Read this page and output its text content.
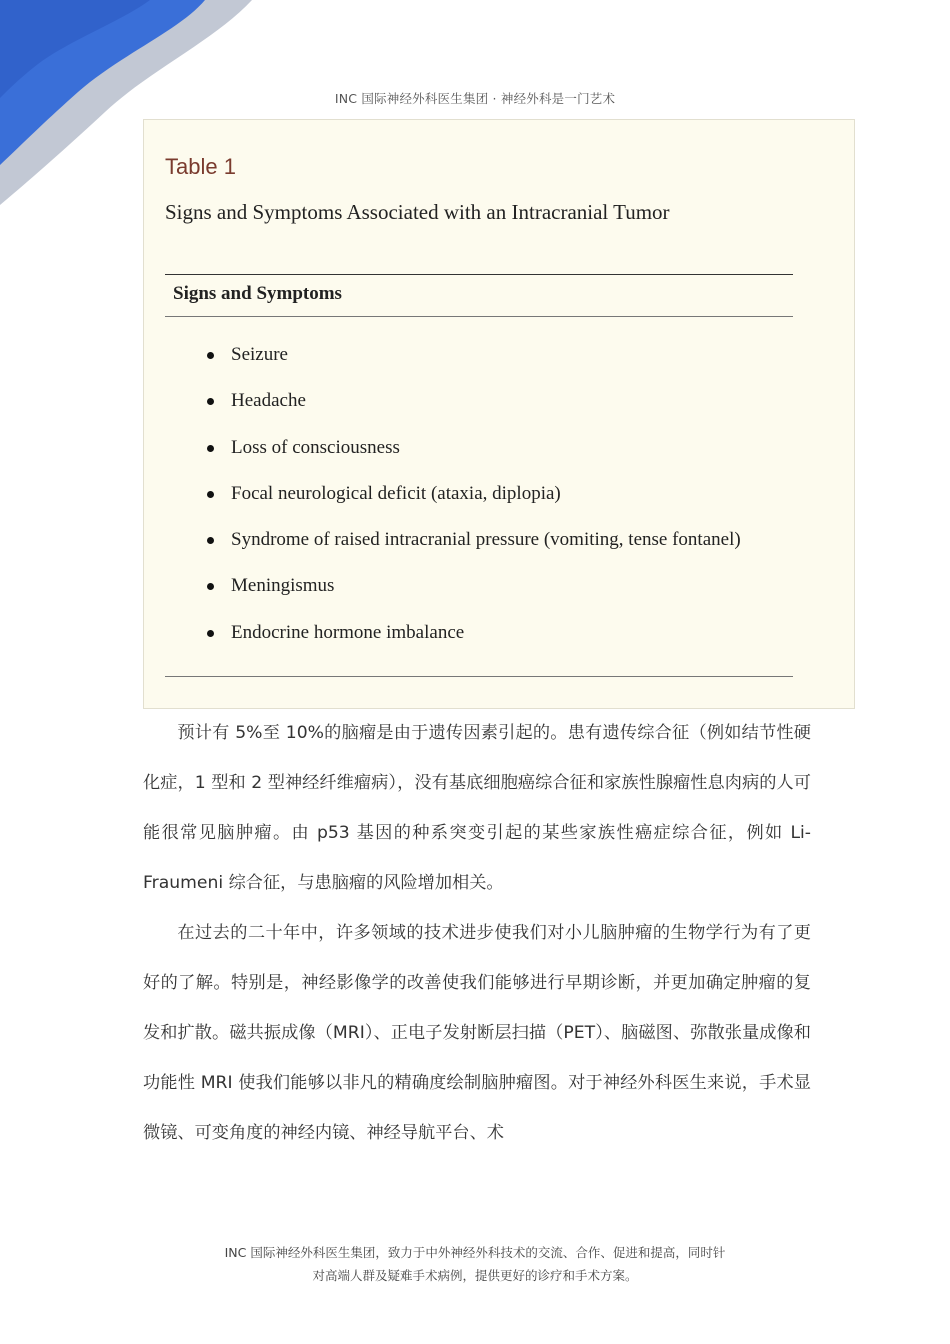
INC 国际神经外科医生集团 · 神经外科是一门艺术
Table 1
Signs and Symptoms Associated with an Intracranial Tumor
Signs and Symptoms
Seizure
Headache
Loss of consciousness
Focal neurological deficit (ataxia, diplopia)
Syndrome of raised intracranial pressure (vomiting, tense fontanel)
Meningismus
Endocrine hormone imbalance

预计有 5%至 10%的脑瘤是由于遗传因素引起的。患有遗传综合征（例如结节性硬化症，1 型和 2 型神经纤维瘤病），没有基底细胞癌综合征和家族性腺瘤性息肉病的人可能很常见脑肿瘤。由 p53 基因的种系突变引起的某些家族性癌症综合征，例如 Li-Fraumeni 综合征，与患脑瘤的风险增加相关。

在过去的二十年中，许多领域的技术进步使我们对小儿脑肿瘤的生物学行为有了更好的了解。特别是，神经影像学的改善使我们能够进行早期诊断，并更加确定肿瘤的复发和扩散。磁共振成像（MRI）、正电子发射断层扫描（PET）、脑磁图、弥散张量成像和功能性 MRI 使我们能够以非凡的精确度绘制脑肿瘤图。对于神经外科医生来说，手术显微镜、可变角度的神经内镜、神经导航平台、术

INC 国际神经外科医生集团，致力于中外神经外科技术的交流、合作、促进和提高，同时针
对高端人群及疑难手术病例，提供更好的诊疗和手术方案。
